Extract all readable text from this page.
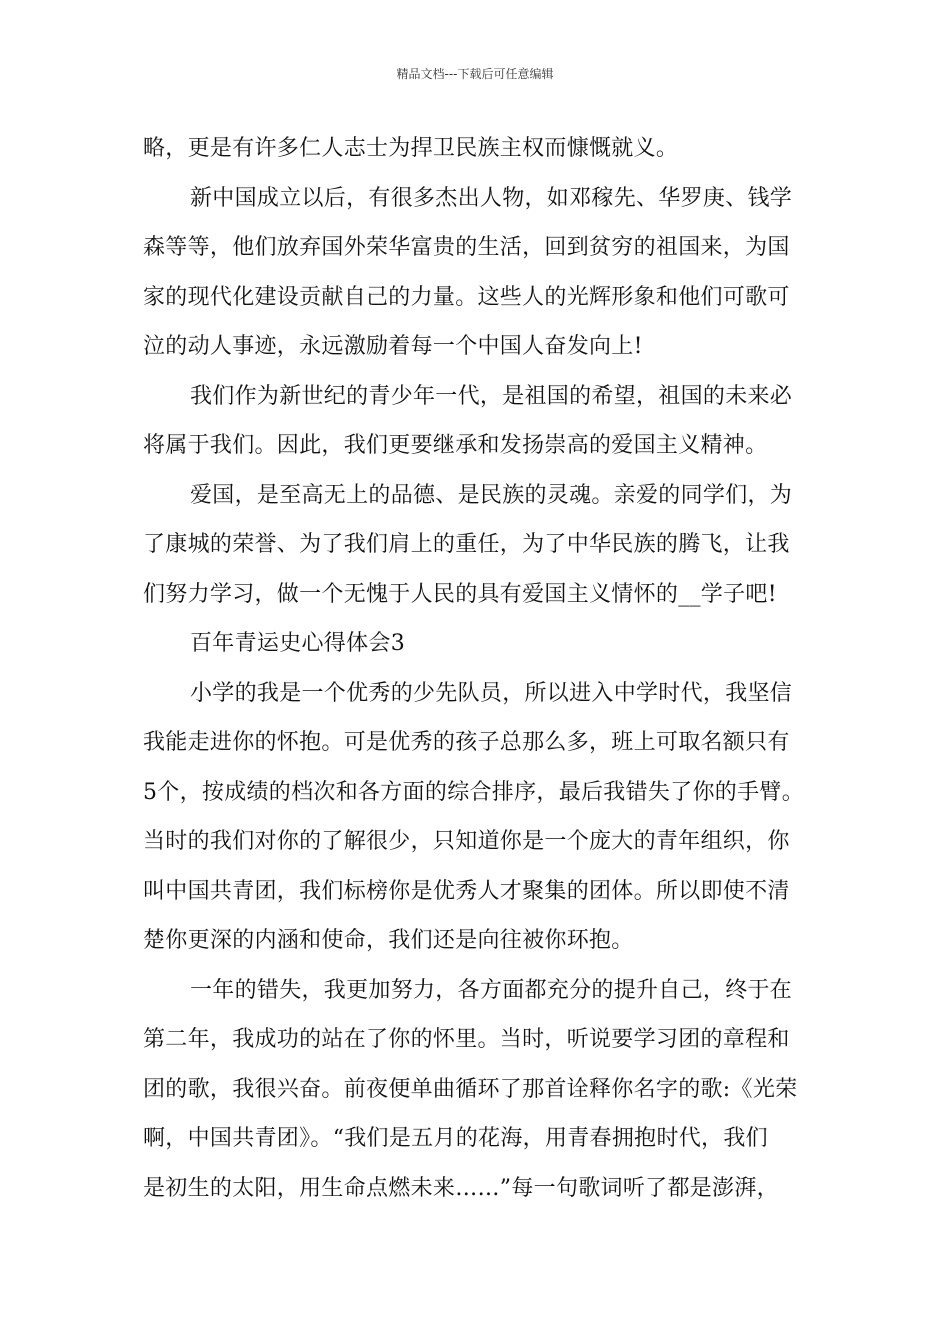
精品文档---下载后可任意编辑
略，更是有许多仁人志士为捍卫民族主权而慷慨就义。
新中国成立以后，有很多杰出人物，如邓稼先、华罗庚、钱学
森等等，他们放弃国外荣华富贵的生活，回到贫穷的祖国来，为国
家的现代化建设贡献自己的力量。这些人的光辉形象和他们可歌可
泣的动人事迹，永远激励着每一个中国人奋发向上!
我们作为新世纪的青少年一代，是祖国的希望，祖国的未来必
将属于我们。因此，我们更要继承和发扬崇高的爱国主义精神。
爱国，是至高无上的品德、是民族的灵魂。亲爱的同学们，为
了康城的荣誉、为了我们肩上的重任，为了中华民族的腾飞，让我
们努力学习，做一个无愧于人民的具有爱国主义情怀的__学子吧!
百年青运史心得体会3
小学的我是一个优秀的少先队员，所以进入中学时代，我坚信
我能走进你的怀抱。可是优秀的孩子总那么多，班上可取名额只有
5个，按成绩的档次和各方面的综合排序，最后我错失了你的手臂。
当时的我们对你的了解很少，只知道你是一个庞大的青年组织，你
叫中国共青团，我们标榜你是优秀人才聚集的团体。所以即使不清
楚你更深的内涵和使命，我们还是向往被你环抱。
一年的错失，我更加努力，各方面都充分的提升自己，终于在
第二年，我成功的站在了你的怀里。当时，听说要学习团的章程和
团的歌，我很兴奋。前夜便单曲循环了那首诠释你名字的歌:《光荣
啊，中国共青团》。“我们是五月的花海，用青春拥抱时代，我们
是初生的太阳，用生命点燃未来……”每一句歌词听了都是澎湃，
